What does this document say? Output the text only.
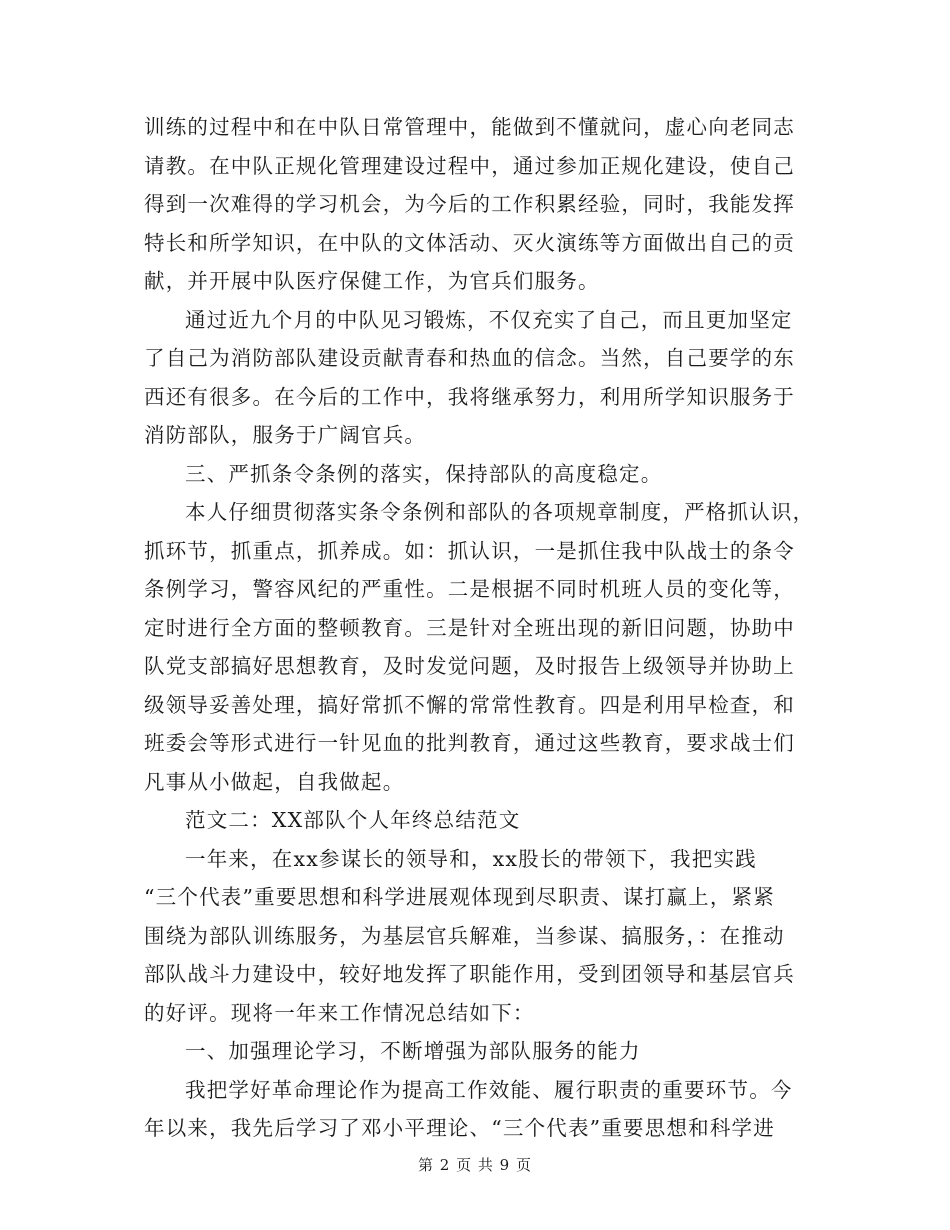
训练的过程中和在中队日常管理中，能做到不懂就问，虚心向老同志
请教。在中队正规化管理建设过程中，通过参加正规化建设，使自己
得到一次难得的学习机会，为今后的工作积累经验，同时，我能发挥
特长和所学知识，在中队的文体活动、灭火演练等方面做出自己的贡
献，并开展中队医疗保健工作，为官兵们服务。
通过近九个月的中队见习锻炼，不仅充实了自己，而且更加坚定
了自己为消防部队建设贡献青春和热血的信念。当然，自己要学的东
西还有很多。在今后的工作中，我将继承努力，利用所学知识服务于
消防部队，服务于广阔官兵。
三、严抓条令条例的落实，保持部队的高度稳定。
本人仔细贯彻落实条令条例和部队的各项规章制度，严格抓认识，
抓环节，抓重点，抓养成。如：抓认识，一是抓住我中队战士的条令
条例学习，警容风纪的严重性。二是根据不同时机班人员的变化等，
定时进行全方面的整顿教育。三是针对全班出现的新旧问题，协助中
队党支部搞好思想教育，及时发觉问题，及时报告上级领导并协助上
级领导妥善处理，搞好常抓不懈的常常性教育。四是利用早检查，和
班委会等形式进行一针见血的批判教育，通过这些教育，要求战士们
凡事从小做起，自我做起。
范文二：XX部队个人年终总结范文
一年来，在xx参谋长的领导和，xx股长的带领下，我把实践
“三个代表”重要思想和科学进展观体现到尽职责、谋打赢上，紧紧
围绕为部队训练服务，为基层官兵解难，当参谋、搞服务，：在推动
部队战斗力建设中，较好地发挥了职能作用，受到团领导和基层官兵
的好评。现将一年来工作情况总结如下：
一、加强理论学习，不断增强为部队服务的能力
我把学好革命理论作为提高工作效能、履行职责的重要环节。今
年以来，我先后学习了邓小平理论、“三个代表”重要思想和科学进
第 2 页 共 9 页
